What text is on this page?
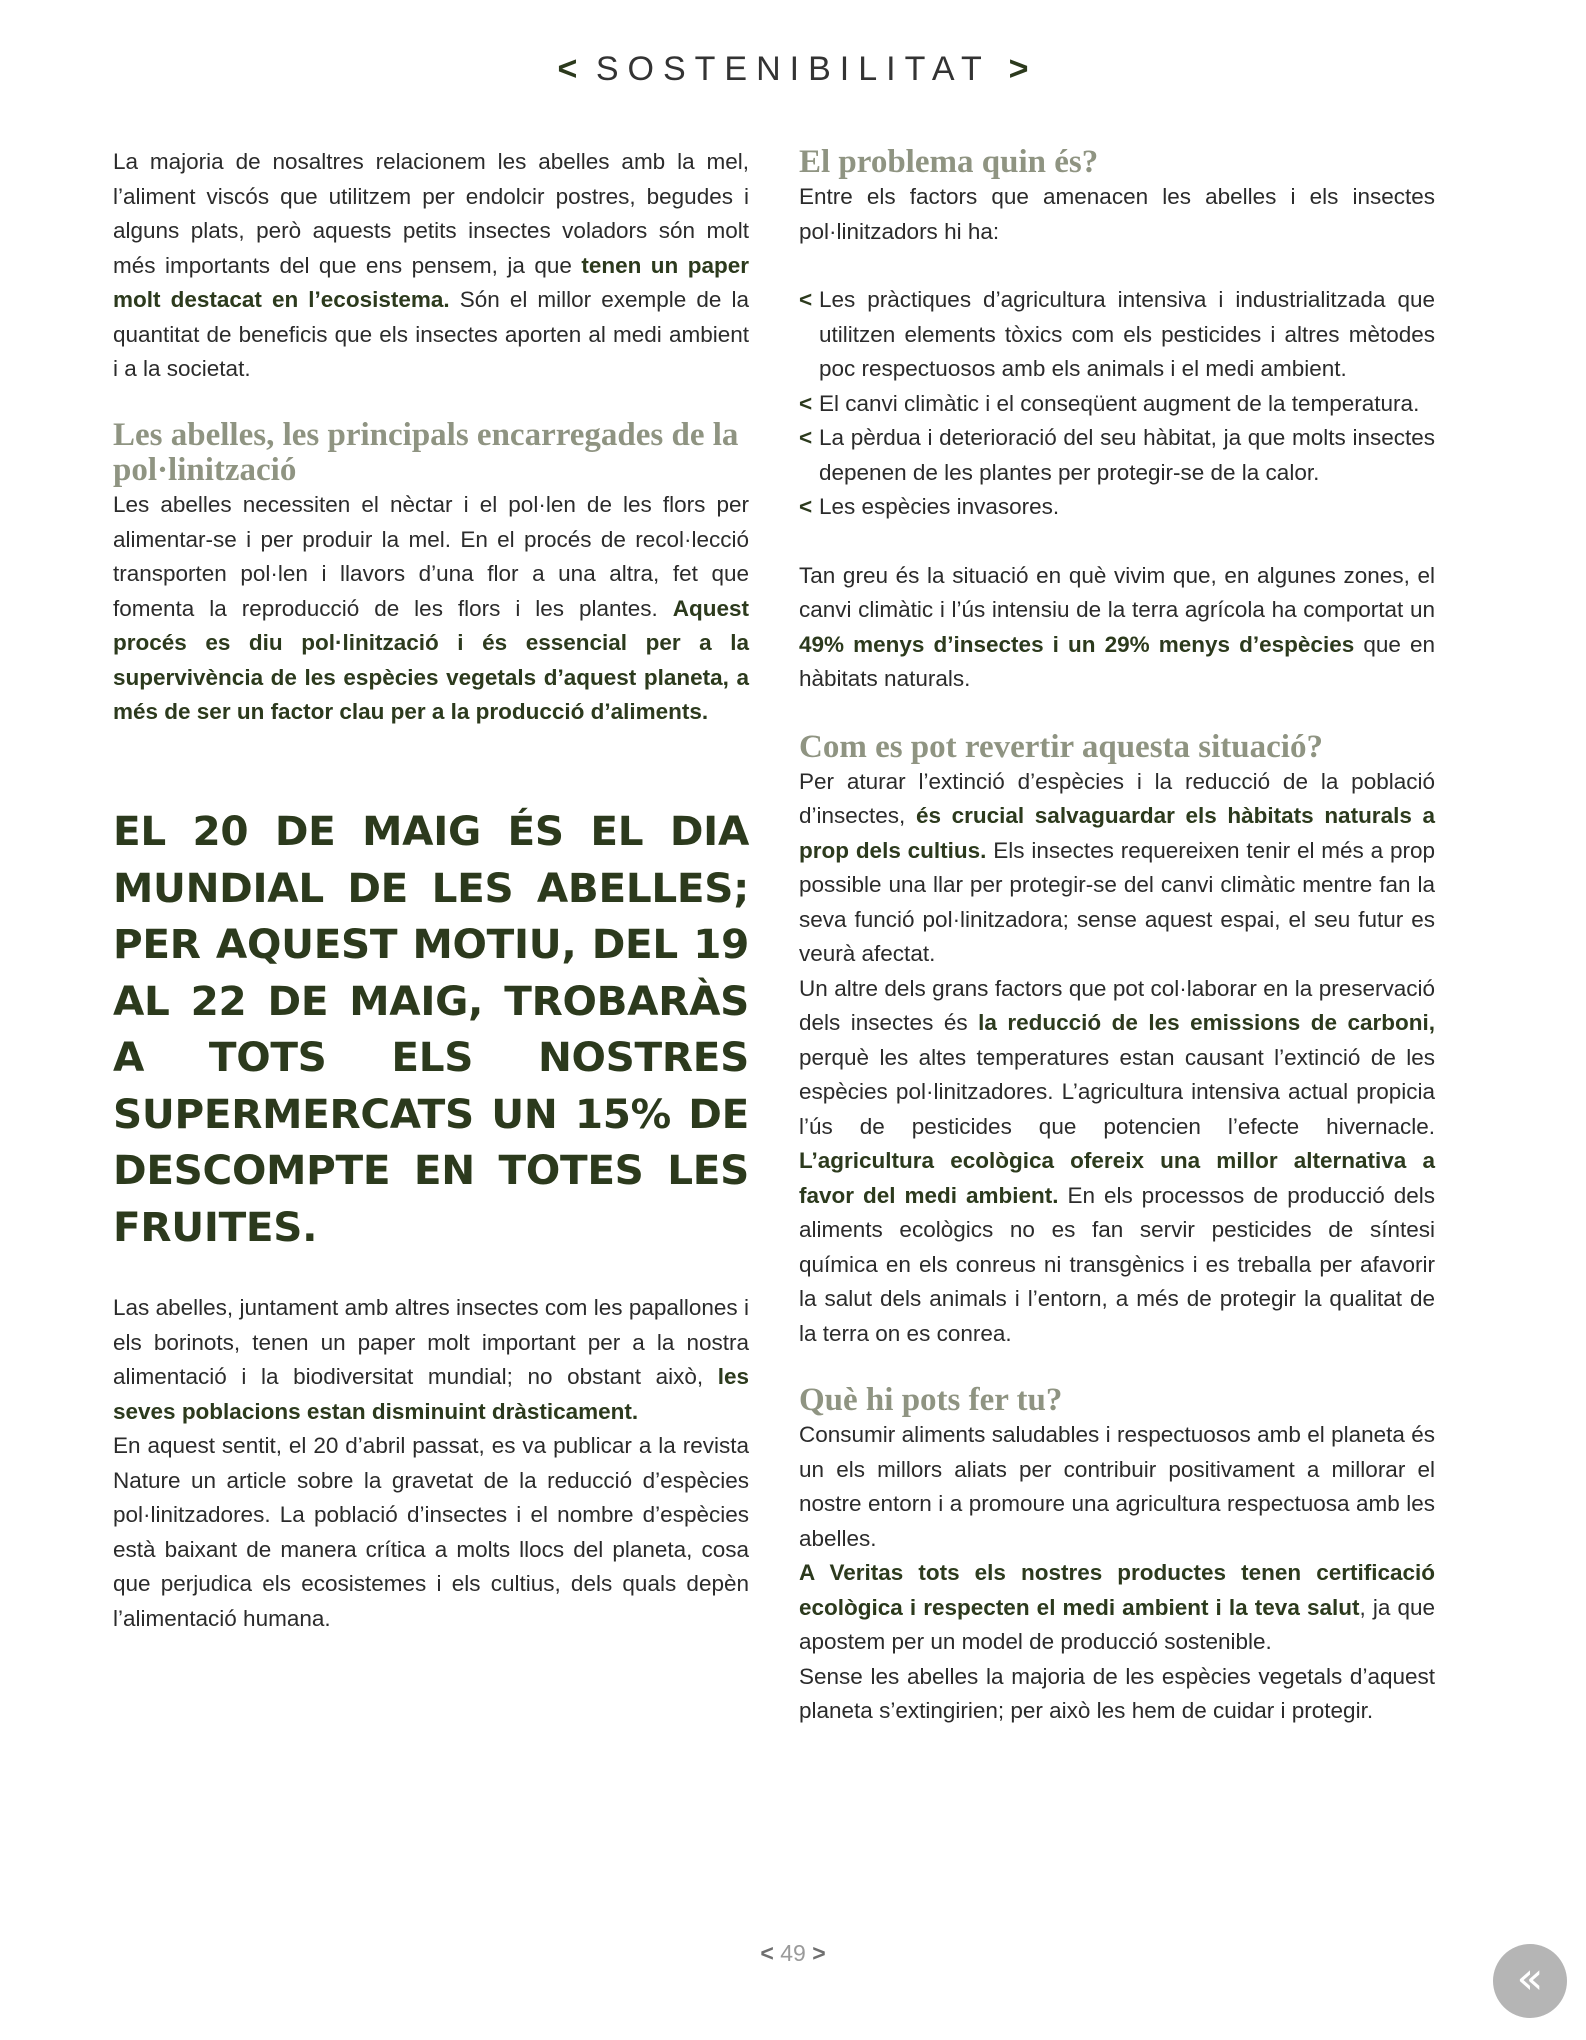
< SOSTENIBILITAT >

La majoria de nosaltres relacionem les abelles amb la mel, l’aliment viscós que utilitzem per endolcir postres, begudes i alguns plats, però aquests petits insectes voladors són molt més importants del que ens pensem, ja que tenen un paper molt destacat en l’ecosistema. Són el millor exemple de la quantitat de beneficis que els insectes aporten al medi ambient i a la societat.

Les abelles, les principals encarregades de la pol·linització

Les abelles necessiten el nèctar i el pol·len de les flors per alimentar-se i per produir la mel. En el procés de recol·lecció transporten pol·len i llavors d’una flor a una altra, fet que fomenta la reproducció de les flors i les plantes. Aquest procés es diu pol·linització i és essencial per a la supervivència de les espècies vegetals d’aquest planeta, a més de ser un factor clau per a la producció d’aliments.

EL 20 DE MAIG ÉS EL DIA MUNDIAL DE LES ABELLES; PER AQUEST MOTIU, DEL 19 AL 22 DE MAIG, TROBARÀS A TOTS ELS NOSTRES SUPERMERCATS UN 15% DE DESCOMPTE EN TOTES LES FRUITES.

Las abelles, juntament amb altres insectes com les papallones i els borinots, tenen un paper molt important per a la nostra alimentació i la biodiversitat mundial; no obstant això, les seves poblacions estan disminuint dràsticament.

En aquest sentit, el 20 d’abril passat, es va publicar a la revista Nature un article sobre la gravetat de la reducció d’espècies pol·linitzadores. La població d’insectes i el nombre d’espècies està baixant de manera crítica a molts llocs del planeta, cosa que perjudica els ecosistemes i els cultius, dels quals depèn l’alimentació humana.

El problema quin és?

Entre els factors que amenacen les abelles i els insectes pol·linitzadors hi ha:

< Les pràctiques d’agricultura intensiva i industrialitzada que utilitzen elements tòxics com els pesticides i altres mètodes poc respectuosos amb els animals i el medi ambient.
< El canvi climàtic i el conseqüent augment de la temperatura.
< La pèrdua i deterioració del seu hàbitat, ja que molts insectes depenen de les plantes per protegir-se de la calor.
< Les espècies invasores.

Tan greu és la situació en què vivim que, en algunes zones, el canvi climàtic i l’ús intensiu de la terra agrícola ha comportat un 49% menys d’insectes i un 29% menys d’espècies que en hàbitats naturals.

Com es pot revertir aquesta situació?

Per aturar l’extinció d’espècies i la reducció de la població d’insectes, és crucial salvaguardar els hàbitats naturals a prop dels cultius. Els insectes requereixen tenir el més a prop possible una llar per protegir-se del canvi climàtic mentre fan la seva funció pol·linitzadora; sense aquest espai, el seu futur es veurà afectat.

Un altre dels grans factors que pot col·laborar en la preservació dels insectes és la reducció de les emissions de carboni, perquè les altes temperatures estan causant l’extinció de les espècies pol·linitzadores. L’agricultura intensiva actual propicia l’ús de pesticides que potencien l’efecte hivernacle. L’agricultura ecològica ofereix una millor alternativa a favor del medi ambient. En els processos de producció dels aliments ecològics no es fan servir pesticides de síntesi química en els conreus ni transgènics i es treballa per afavorir la salut dels animals i l’entorn, a més de protegir la qualitat de la terra on es conrea.

Què hi pots fer tu?

Consumir aliments saludables i respectuosos amb el planeta és un els millors aliats per contribuir positivament a millorar el nostre entorn i a promoure una agricultura respectuosa amb les abelles.

A Veritas tots els nostres productes tenen certificació ecològica i respecten el medi ambient i la teva salut, ja que apostem per un model de producció sostenible.

Sense les abelles la majoria de les espècies vegetals d’aquest planeta s’extingirien; per això les hem de cuidar i protegir.

< 49 >	«
